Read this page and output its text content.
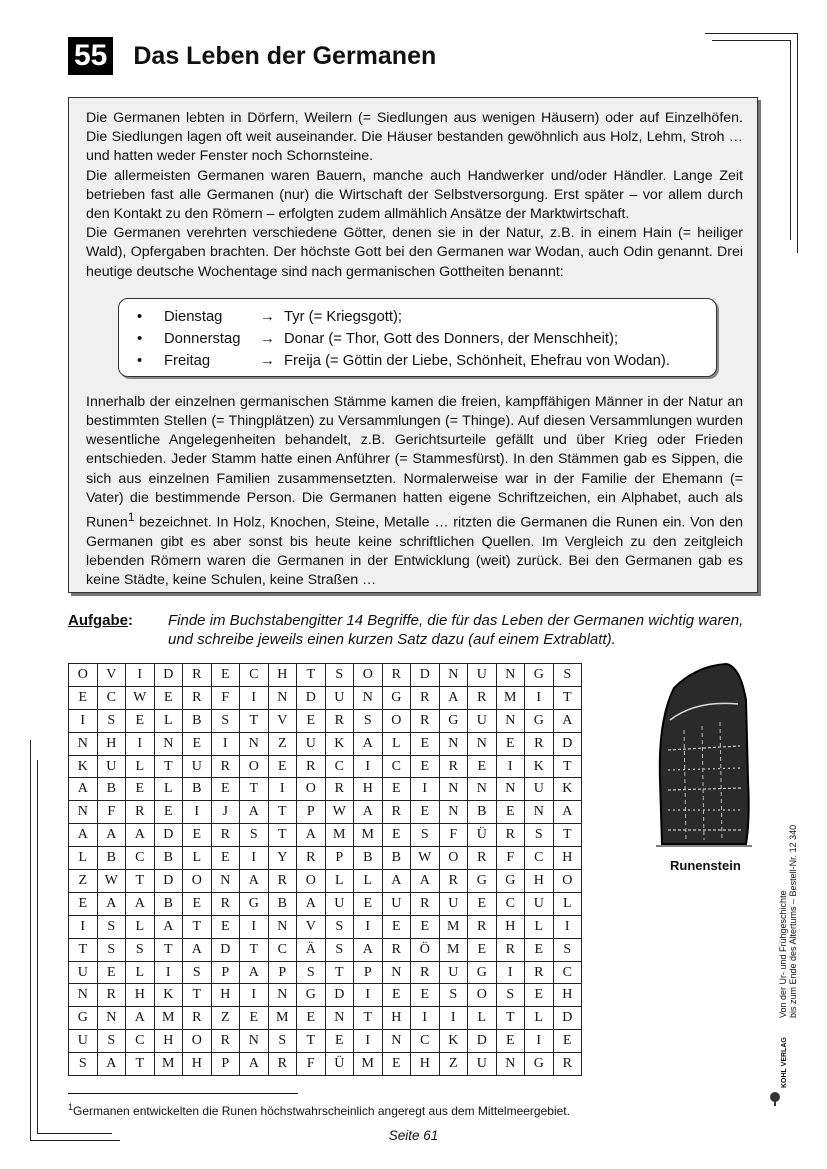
55 Das Leben der Germanen

Die Germanen lebten in Dörfern, Weilern (= Siedlungen aus wenigen Häusern) oder auf Einzelhöfen. Die Siedlungen lagen oft weit auseinander. Die Häuser bestanden gewöhnlich aus Holz, Lehm, Stroh … und hatten weder Fenster noch Schornsteine.

Die allermeisten Germanen waren Bauern, manche auch Handwerker und/oder Händler. Lange Zeit betrieben fast alle Germanen (nur) die Wirtschaft der Selbstversorgung. Erst später – vor allem durch den Kontakt zu den Römern – erfolgten zudem allmählich Ansätze der Marktwirtschaft.

Die Germanen verehrten verschiedene Götter, denen sie in der Natur, z.B. in einem Hain (= heiliger Wald), Opfergaben brachten. Der höchste Gott bei den Germanen war Wodan, auch Odin genannt. Drei heutige deutsche Wochentage sind nach germanischen Gottheiten benannt:

•	Dienstag	→ Tyr (= Kriegsgott);
•	Donnerstag	→ Donar (= Thor, Gott des Donners, der Menschheit);
•	Freitag	→ Freija (= Göttin der Liebe, Schönheit, Ehefrau von Wodan).

Innerhalb der einzelnen germanischen Stämme kamen die freien, kampffähigen Männer in der Natur an bestimmten Stellen (= Thingplätzen) zu Versammlungen (= Thinge). Auf diesen Versammlungen wurden wesentliche Angelegenheiten behandelt, z.B. Gerichtsurteile gefällt und über Krieg oder Frieden entschieden. Jeder Stamm hatte einen Anführer (= Stammesfürst). In den Stämmen gab es Sippen, die sich aus einzelnen Familien zusammensetzten. Normalerweise war in der Familie der Ehemann (= Vater) die bestimmende Person. Die Germanen hatten eigene Schriftzeichen, ein Alphabet, auch als Runen$^1$ bezeichnet. In Holz, Knochen, Steine, Metalle … ritzten die Germanen die Runen ein. Von den Germanen gibt es aber sonst bis heute keine schriftlichen Quellen. Im Vergleich zu den zeitgleich lebenden Römern waren die Germanen in der Entwicklung (weit) zurück. Bei den Germanen gab es keine Städte, keine Schulen, keine Straßen …

Aufgabe:	Finde im Buchstabengitter 14 Begriffe, die für das Leben der Germanen wichtig waren, und schreibe jeweils einen kurzen Satz dazu (auf einem Extrablatt).
O	V	I	D	R	E	C	H	T	S	O	R	D	N	U	N	G	S
E	C	W	E	R	F	I	N	D	U	N	G	R	A	R	M	I	T
I	S	E	L	B	S	T	V	E	R	S	O	R	G	U	N	G	A
N	H	I	N	E	I	N	Z	U	K	A	L	E	N	N	E	R	D
K	U	L	T	U	R	O	E	R	C	I	C	E	R	E	I	K	T
A	B	E	L	B	E	T	I	O	R	H	E	I	N	N	N	U	K
N	F	R	E	I	J	A	T	P	W	A	R	E	N	B	E	N	A
A	A	A	D	E	R	S	T	A	M	M	E	S	F	Ü	R	S	T
L	B	C	B	L	E	I	Y	R	P	B	B	W	O	R	F	C	H
Z	W	T	D	O	N	A	R	O	L	L	A	A	R	G	G	H	O
E	A	A	B	E	R	G	B	A	U	E	U	R	U	E	C	U	L
I	S	L	A	T	E	I	N	V	S	I	E	E	M	R	H	L	I
T	S	S	T	A	D	T	C	Ä	S	A	R	Ö	M	E	R	E	S
U	E	L	I	S	P	A	P	S	T	P	N	R	U	G	I	R	C
N	R	H	K	T	H	I	N	G	D	I	E	E	S	O	S	E	H
G	N	A	M	R	Z	E	M	E	N	T	H	I	I	L	T	L	D
U	S	C	H	O	R	N	S	T	E	I	N	C	K	D	E	I	E
S	A	T	M	H	P	A	R	F	Ü	M	E	H	Z	U	N	G	R
Runenstein
Von der Ur- und Frühgeschichte bis zum Ende des Altertums – Bestell-Nr. 12 340
KOHL VERLAG
$^1$Germanen entwickelten die Runen höchstwahrscheinlich angeregt aus dem Mittelmeergebiet.
Seite 61
